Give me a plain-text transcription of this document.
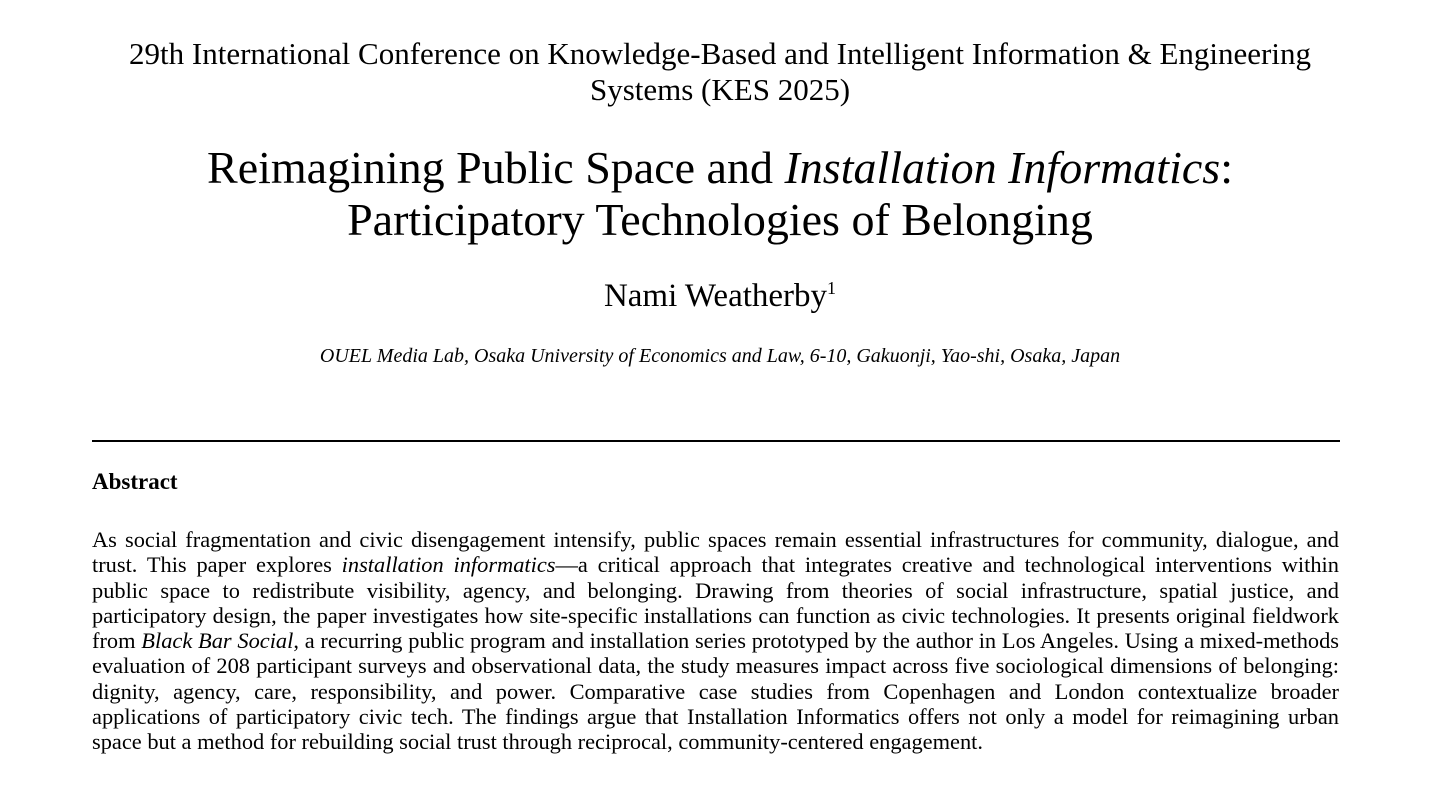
29th International Conference on Knowledge-Based and Intelligent Information & Engineering Systems (KES 2025)
Reimagining Public Space and Installation Informatics:
Participatory Technologies of Belonging
Nami Weatherby$^1$
OUEL Media Lab, Osaka University of Economics and Law, 6-10, Gakuonji, Yao-shi, Osaka, Japan
Abstract

As social fragmentation and civic disengagement intensify, public spaces remain essential infrastructures for community, dialogue, and trust. This paper explores installation informatics—a critical approach that integrates creative and technological interventions within public space to redistribute visibility, agency, and belonging. Drawing from theories of social infrastructure, spatial justice, and participatory design, the paper investigates how site-specific installations can function as civic technologies. It presents original fieldwork from Black Bar Social, a recurring public program and installation series prototyped by the author in Los Angeles. Using a mixed-methods evaluation of 208 participant surveys and observational data, the study measures impact across five sociological dimensions of belonging: dignity, agency, care, responsibility, and power. Comparative case studies from Copenhagen and London contextualize broader applications of participatory civic tech. The findings argue that Installation Informatics offers not only a model for reimagining urban space but a method for rebuilding social trust through reciprocal, community-centered engagement.
